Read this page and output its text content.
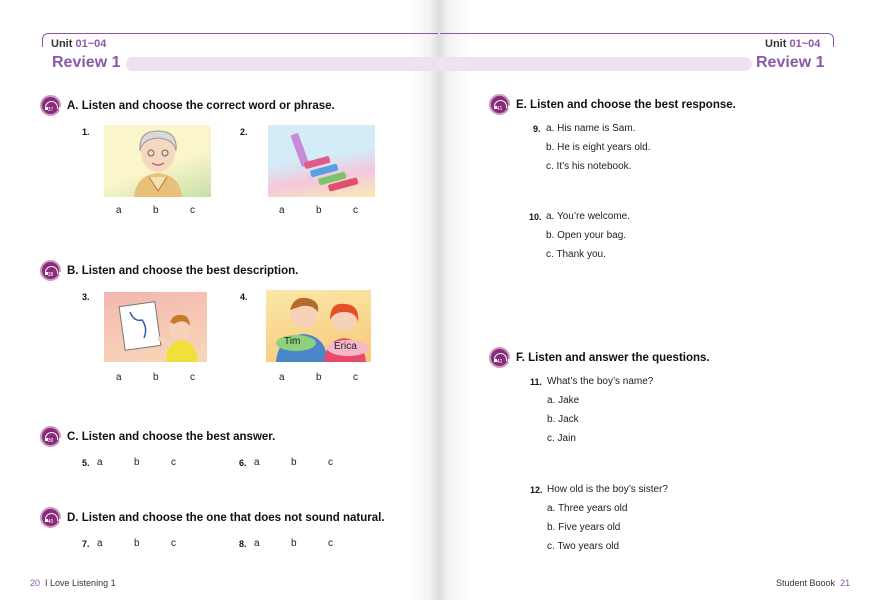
Unit 01~04	Unit 01~04
Review 1	Review 1
37	A. Listen and choose the correct word or phrase.
1.
a	b	c
2.
a	b	c
38	B. Listen and choose the best description.
3.
a	b	c
4.
Tim	Erica
a	b	c
39	C. Listen and choose the best answer.
5. a	b	c	6. a	b	c
40	D. Listen and choose the one that does not sound natural.
7. a	b	c	8. a	b	c
41	E. Listen and choose the best response.
9. a. His name is Sam.
b. He is eight years old.
c. It’s his notebook.
10. a. You’re welcome.
b. Open your bag.
c. Thank you.
42	F. Listen and answer the questions.
11. What’s the boy’s name?
a. Jake
b. Jack
c. Jain
12. How old is the boy’s sister?
a. Three years old
b. Five years old
c. Two years old
20 I Love Listening 1	Student Boook 21
